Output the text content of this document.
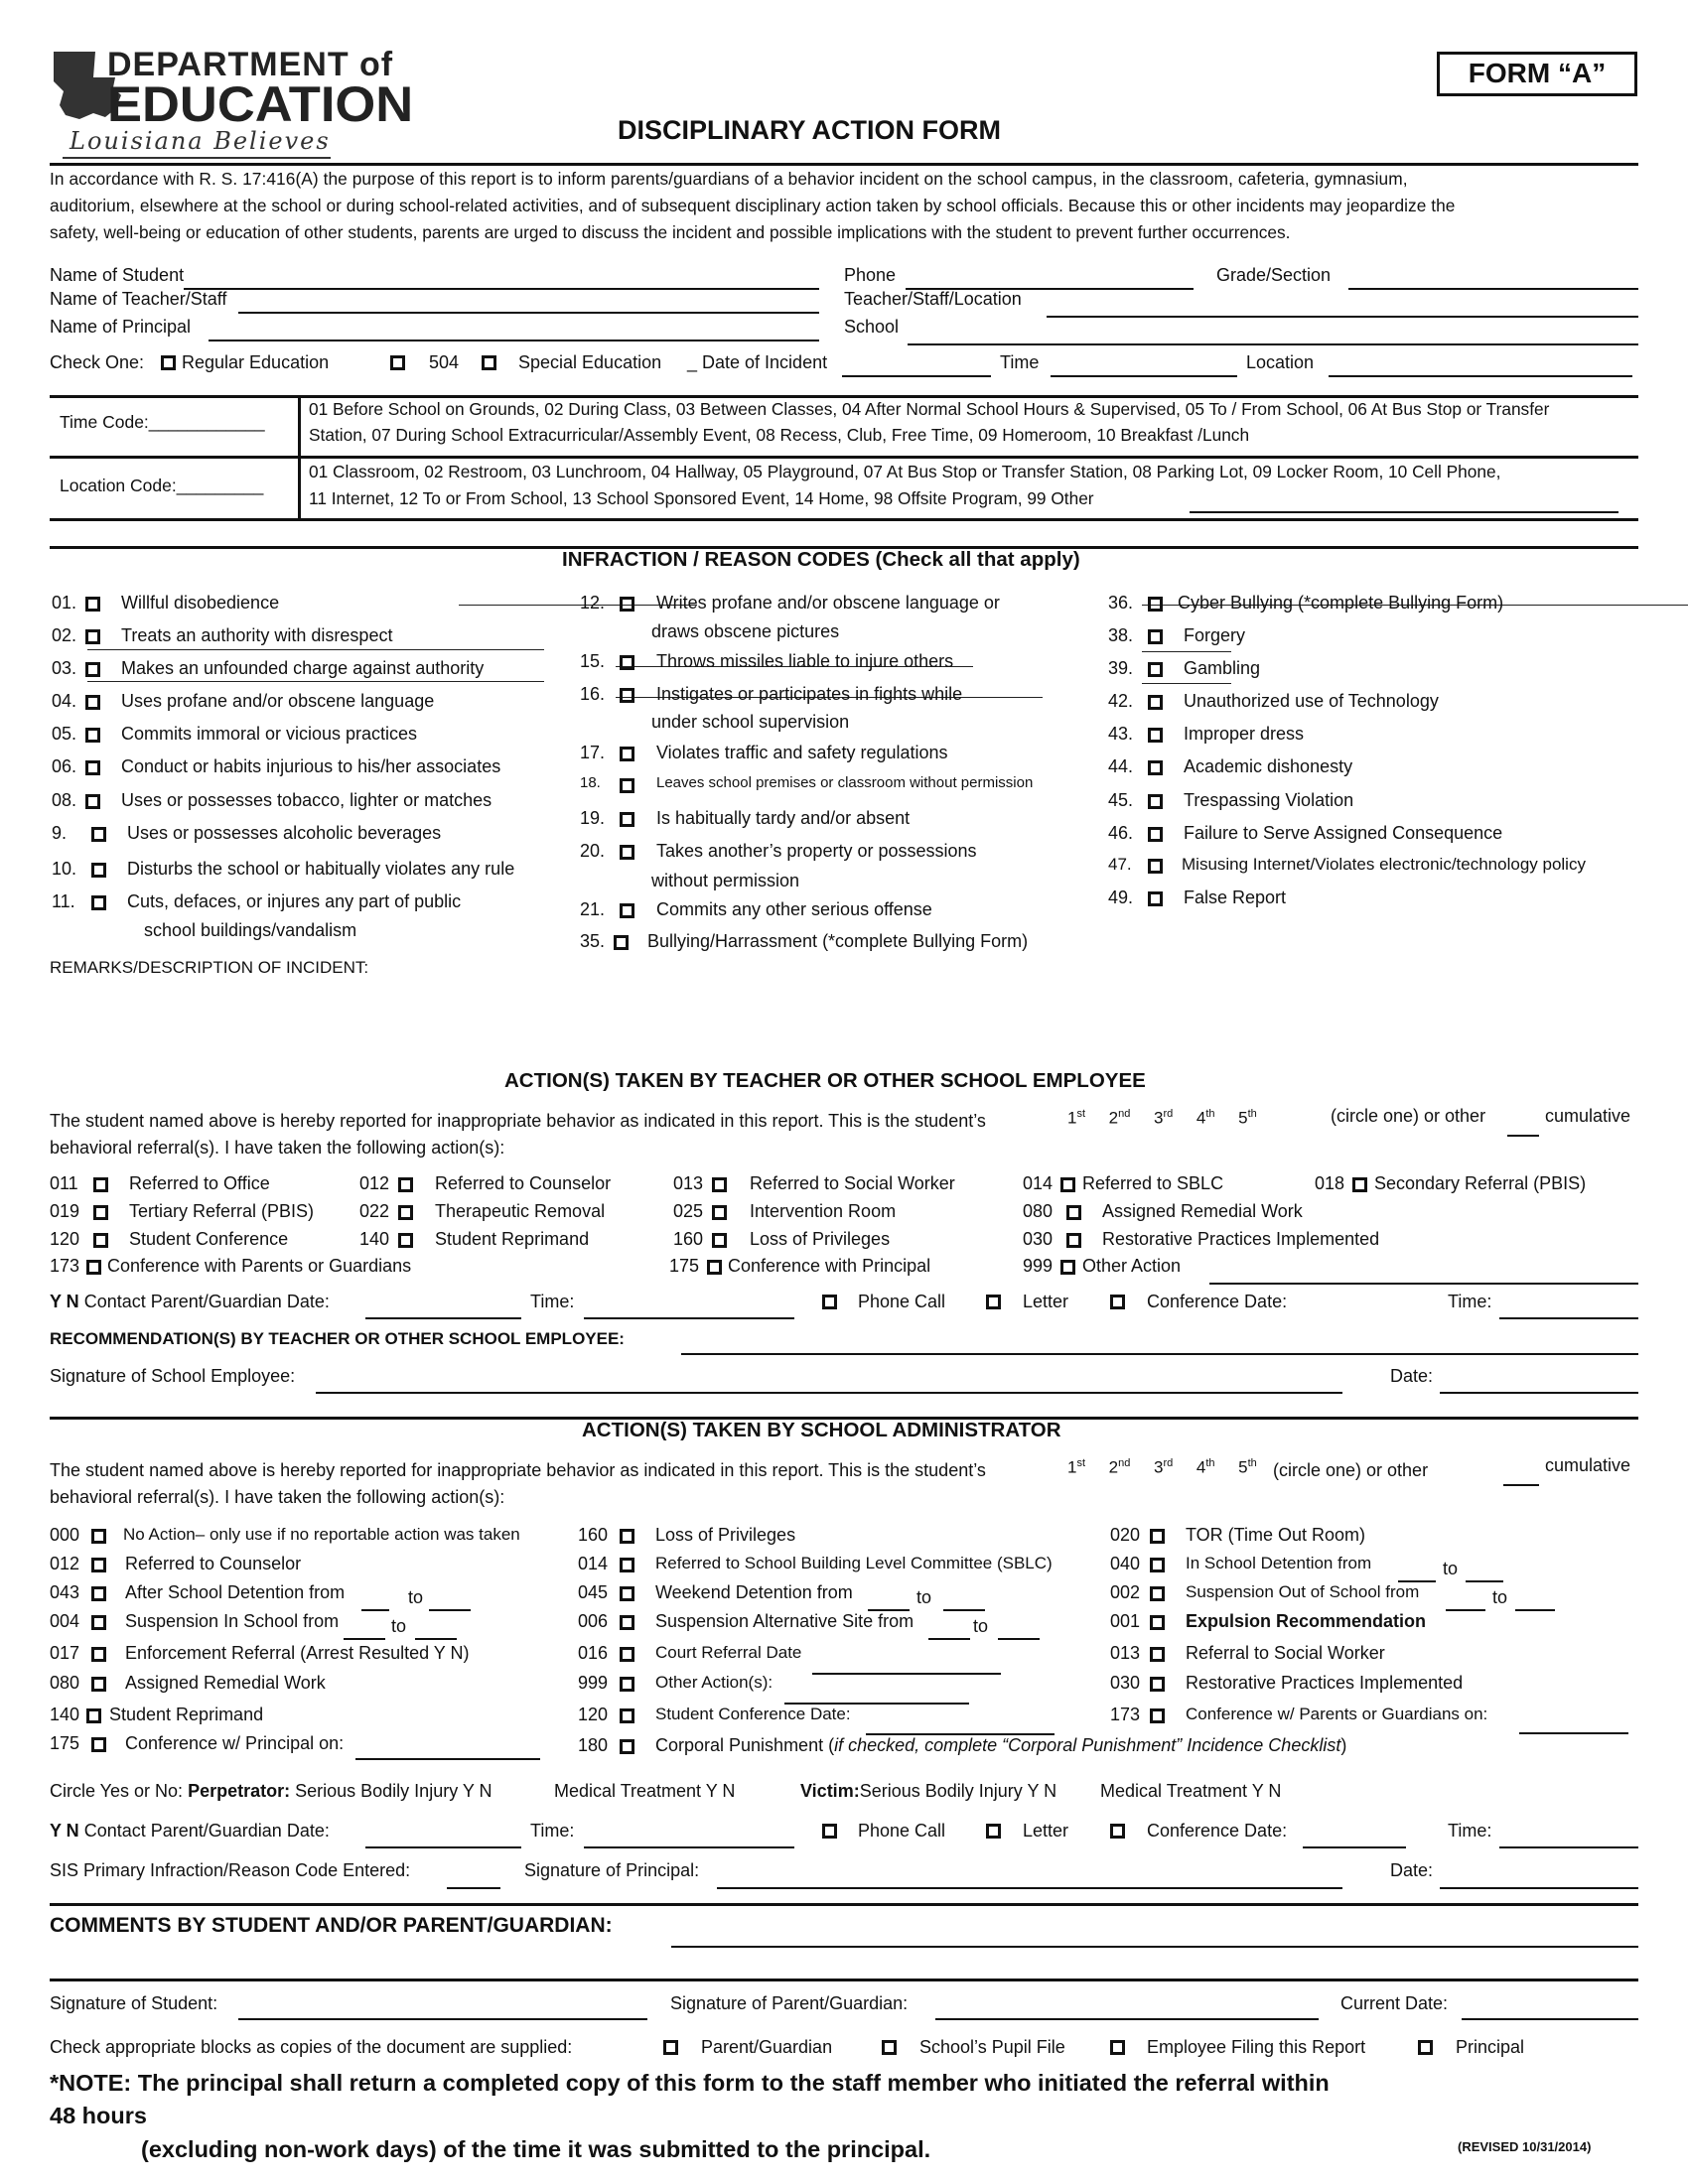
DEPARTMENT of
EDUCATION
Louisiana Believes
FORM “A”
DISCIPLINARY ACTION FORM
In accordance with R. S. 17:416(A) the purpose of this report is to inform parents/guardians of a behavior incident on the school campus, in the classroom, cafeteria, gymnasium,
auditorium, elsewhere at the school or during school-related activities, and of subsequent disciplinary action taken by school officials. Because this or other incidents may jeopardize the
safety, well-being or education of other students, parents are urged to discuss the incident and possible implications with the student to prevent further occurrences.
Name of Student
Name of Teacher/Staff
Name of Principal
Phone	Grade/Section
Teacher/Staff/Location
School
Check One: Regular Education	504	Special Education _ Date of Incident	Time	Location
Time Code:____________
01 Before School on Grounds, 02 During Class, 03 Between Classes, 04 After Normal School Hours & Supervised, 05 To / From School, 06 At Bus Stop or Transfer
Station, 07 During School Extracurricular/Assembly Event, 08 Recess, Club, Free Time, 09 Homeroom, 10 Breakfast /Lunch
Location Code:_________
01 Classroom, 02 Restroom, 03 Lunchroom, 04 Hallway, 05 Playground, 07 At Bus Stop or Transfer Station, 08 Parking Lot, 09 Locker Room, 10 Cell Phone,
11 Internet, 12 To or From School, 13 School Sponsored Event, 14 Home, 98 Offsite Program, 99 Other
INFRACTION / REASON CODES (Check all that apply)
school buildings/vandalism
draws obscene pictures
under school supervision
without permission
REMARKS/DESCRIPTION OF INCIDENT:
ACTION(S) TAKEN BY TEACHER OR OTHER SCHOOL EMPLOYEE
The student named above is hereby reported for inappropriate behavior as indicated in this report. This is the student’s	1st 2nd 3rd 4th 5th	(circle one) or other	cumulative
behavioral referral(s). I have taken the following action(s):
Y N Contact Parent/Guardian Date:	Time:	Phone Call	Letter	Conference Date:	Time:
RECOMMENDATION(S) BY TEACHER OR OTHER SCHOOL EMPLOYEE:
Signature of School Employee:	Date:
ACTION(S) TAKEN BY SCHOOL ADMINISTRATOR
The student named above is hereby reported for inappropriate behavior as indicated in this report. This is the student’s	1st 2nd 3rd 4th 5th (circle one) or other	cumulative
behavioral referral(s). I have taken the following action(s):
to
to
to
to
to
to
Circle Yes or No: Perpetrator: Serious Bodily Injury Y N	Medical Treatment Y N	Victim:Serious Bodily Injury Y N Medical Treatment Y N
Y N Contact Parent/Guardian Date:	Time:	Phone Call	Letter	Conference Date:	Time:
SIS Primary Infraction/Reason Code Entered:	Signature of Principal:	Date:
COMMENTS BY STUDENT AND/OR PARENT/GUARDIAN:
Signature of Student:	Signature of Parent/Guardian:	Current Date:
Check appropriate blocks as copies of the document are supplied:	Parent/Guardian	School’s Pupil File	Employee Filing this Report	Principal
*NOTE: The principal shall return a completed copy of this form to the staff member who initiated the referral within
48 hours
(REVISED 10/31/2014)
(excluding non-work days) of the time it was submitted to the principal.
01. Willful disobedience
02. Treats an authority with disrespect
03. Makes an unfounded charge against authority
04. Uses profane and/or obscene language
05. Commits immoral or vicious practices
06. Conduct or habits injurious to his/her associates
08. Uses or possesses tobacco, lighter or matches
9.	Uses or possesses alcoholic beverages
10.	Disturbs the school or habitually violates any rule
11.	Cuts, defaces, or injures any part of public
12.	Writes profane and/or obscene language or
15.	Throws missiles liable to injure others
16.	Instigates or participates in fights while
17.	Violates traffic and safety regulations
18.	Leaves school premises or classroom without permission
19.	Is habitually tardy and/or absent
20.	Takes another’s property or possessions
21.	Commits any other serious offense
35. Bullying/Harrassment (*complete Bullying Form)
36. Cyber Bullying (*complete Bullying Form)
38.	Forgery
39.	Gambling
42.	Unauthorized use of Technology
43.	Improper dress
44.	Academic dishonesty
45.	Trespassing Violation
46.	Failure to Serve Assigned Consequence
47.	Misusing Internet/Violates electronic/technology policy
49.	False Report
011	Referred to Office	012	Referred to Counselor	013	Referred to Social Worker	014 Referred to SBLC	018 Secondary Referral (PBIS)
019	Tertiary Referral (PBIS)	022	Therapeutic Removal	025	Intervention Room	080	Assigned Remedial Work
120	Student Conference	140	Student Reprimand	160	Loss of Privileges	030	Restorative Practices Implemented
173 Conference with Parents or Guardians	175 Conference with Principal	999 Other Action
000	No Action– only use if no reportable action was taken
012	Referred to Counselor
043	After School Detention from
004	Suspension In School from
017	Enforcement Referral (Arrest Resulted Y N)
080	Assigned Remedial Work
140 Student Reprimand
175	Conference w/ Principal on:
160	Loss of Privileges
014	Referred to School Building Level Committee (SBLC)
045	Weekend Detention from
006	Suspension Alternative Site from
016	Court Referral Date
999	Other Action(s):
120	Student Conference Date:
180	Corporal Punishment (if checked, complete “Corporal Punishment” Incidence Checklist)
020	TOR (Time Out Room)
040	In School Detention from
002	Suspension Out of School from
001	Expulsion Recommendation
013	Referral to Social Worker
030	Restorative Practices Implemented
173	Conference w/ Parents or Guardians on:
